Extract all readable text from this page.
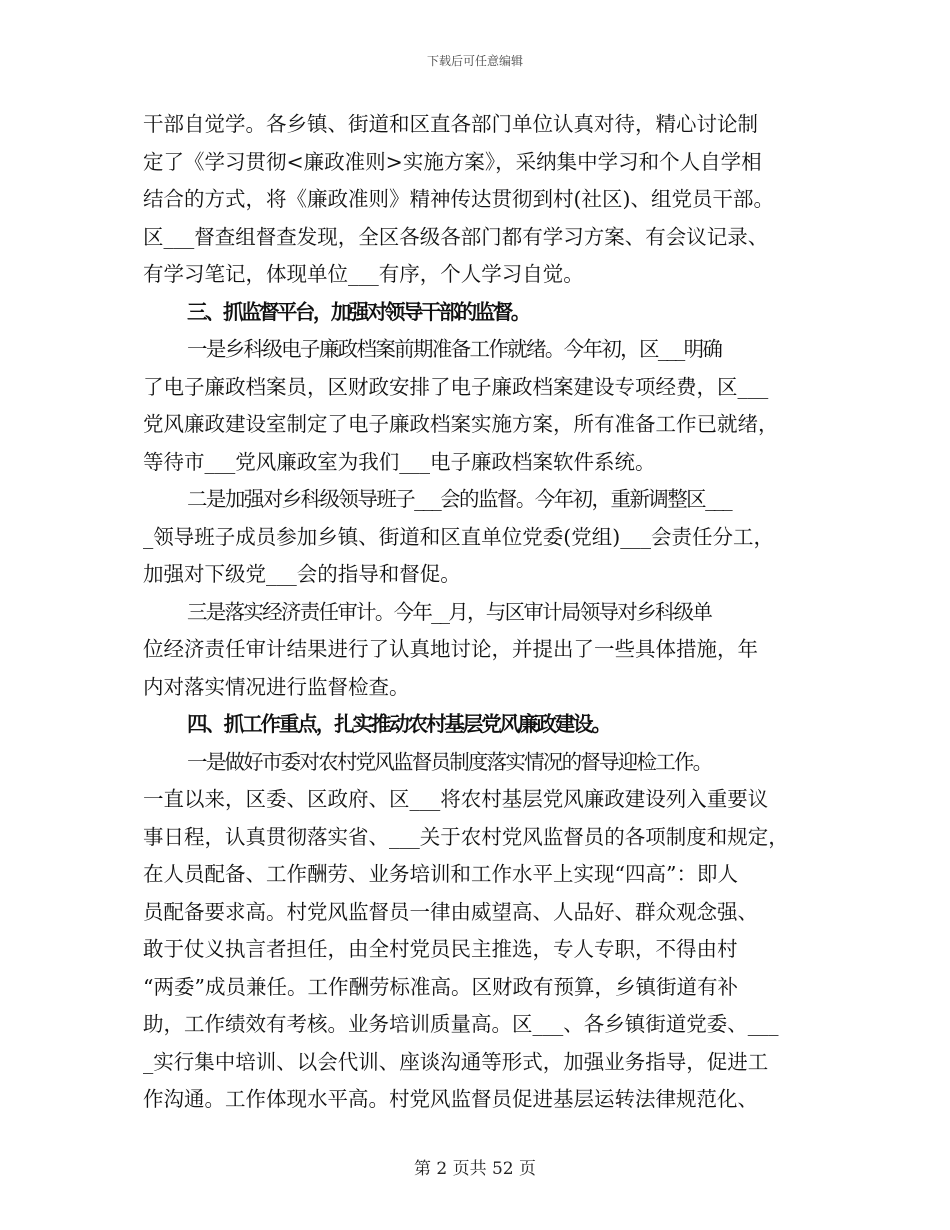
下载后可任意编辑
干部自觉学。各乡镇、街道和区直各部门单位认真对待，精心讨论制
定了《学习贯彻<廉政准则>实施方案》，采纳集中学习和个人自学相
结合的方式，将《廉政准则》精神传达贯彻到村(社区)、组党员干部。
区___督查组督查发现，全区各级各部门都有学习方案、有会议记录、
有学习笔记，体现单位___有序，个人学习自觉。
三、抓监督平台，加强对领导干部的监督。
一是乡科级电子廉政档案前期准备工作就绪。今年初，区___明确
了电子廉政档案员，区财政安排了电子廉政档案建设专项经费，区___
党风廉政建设室制定了电子廉政档案实施方案，所有准备工作已就绪，
等待市___党风廉政室为我们___电子廉政档案软件系统。
二是加强对乡科级领导班子___会的监督。今年初，重新调整区___
_领导班子成员参加乡镇、街道和区直单位党委(党组)___会责任分工，
加强对下级党___会的指导和督促。
三是落实经济责任审计。今年__月，与区审计局领导对乡科级单
位经济责任审计结果进行了认真地讨论，并提出了一些具体措施，年
内对落实情况进行监督检查。
四、抓工作重点，扎实推动农村基层党风廉政建设。
一是做好市委对农村党风监督员制度落实情况的督导迎检工作。
一直以来，区委、区政府、区___将农村基层党风廉政建设列入重要议
事日程，认真贯彻落实省、___关于农村党风监督员的各项制度和规定，
在人员配备、工作酬劳、业务培训和工作水平上实现“四高”：即人
员配备要求高。村党风监督员一律由威望高、人品好、群众观念强、
敢于仗义执言者担任，由全村党员民主推选，专人专职，不得由村
“两委”成员兼任。工作酬劳标准高。区财政有预算，乡镇街道有补
助，工作绩效有考核。业务培训质量高。区___、各乡镇街道党委、___
_实行集中培训、以会代训、座谈沟通等形式，加强业务指导，促进工
作沟通。工作体现水平高。村党风监督员促进基层运转法律规范化、
第 2 页共 52 页
